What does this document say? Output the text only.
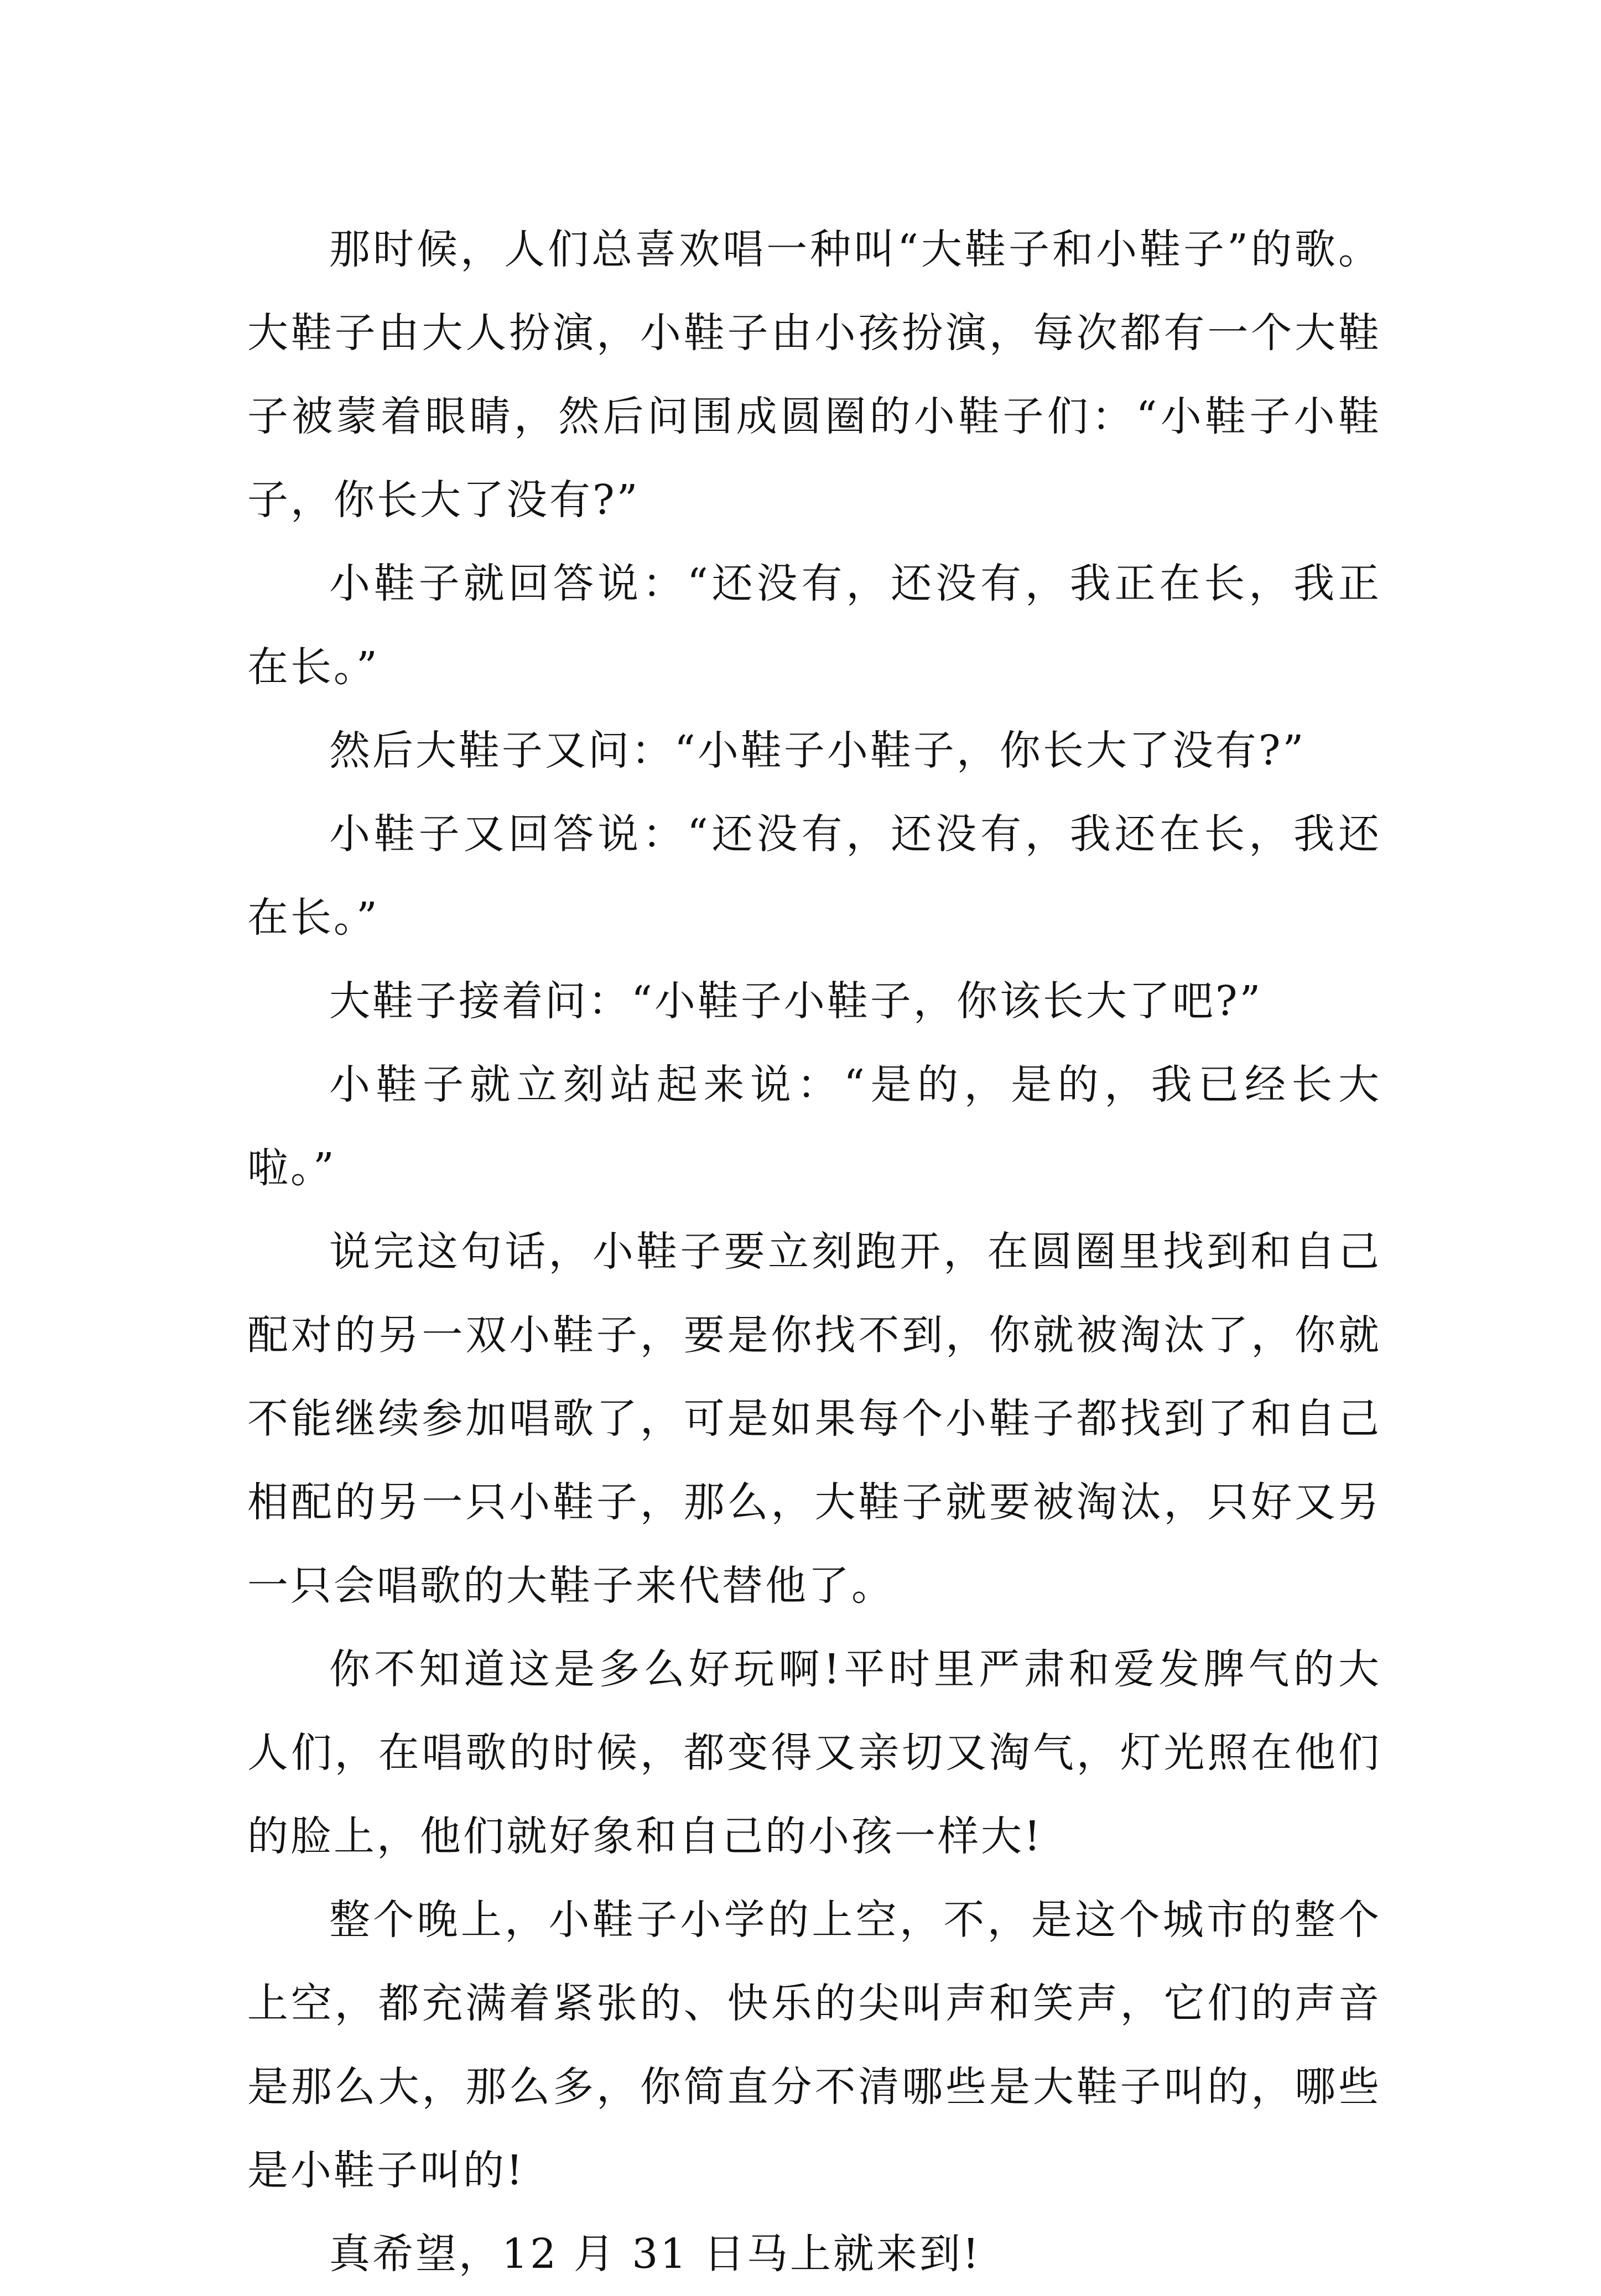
那时候，人们总喜欢唱一种叫“大鞋子和小鞋子”的歌。大鞋子由大人扮演，小鞋子由小孩扮演，每次都有一个大鞋子被蒙着眼睛，然后问围成圆圈的小鞋子们：“小鞋子小鞋子，你长大了没有?”

小鞋子就回答说：“还没有，还没有，我正在长，我正在长。”

然后大鞋子又问：“小鞋子小鞋子，你长大了没有?”

小鞋子又回答说：“还没有，还没有，我还在长，我还在长。”

大鞋子接着问：“小鞋子小鞋子，你该长大了吧?”

小鞋子就立刻站起来说：“是的，是的，我已经长大啦。”

说完这句话，小鞋子要立刻跑开，在圆圈里找到和自己配对的另一双小鞋子，要是你找不到，你就被淘汰了，你就不能继续参加唱歌了，可是如果每个小鞋子都找到了和自己相配的另一只小鞋子，那么，大鞋子就要被淘汰，只好又另一只会唱歌的大鞋子来代替他了。

你不知道这是多么好玩啊!平时里严肃和爱发脾气的大人们，在唱歌的时候，都变得又亲切又淘气，灯光照在他们的脸上，他们就好象和自己的小孩一样大!

整个晚上，小鞋子小学的上空，不，是这个城市的整个上空，都充满着紧张的、快乐的尖叫声和笑声，它们的声音是那么大，那么多，你简直分不清哪些是大鞋子叫的，哪些是小鞋子叫的!

真希望，12 月 31 日马上就来到!
